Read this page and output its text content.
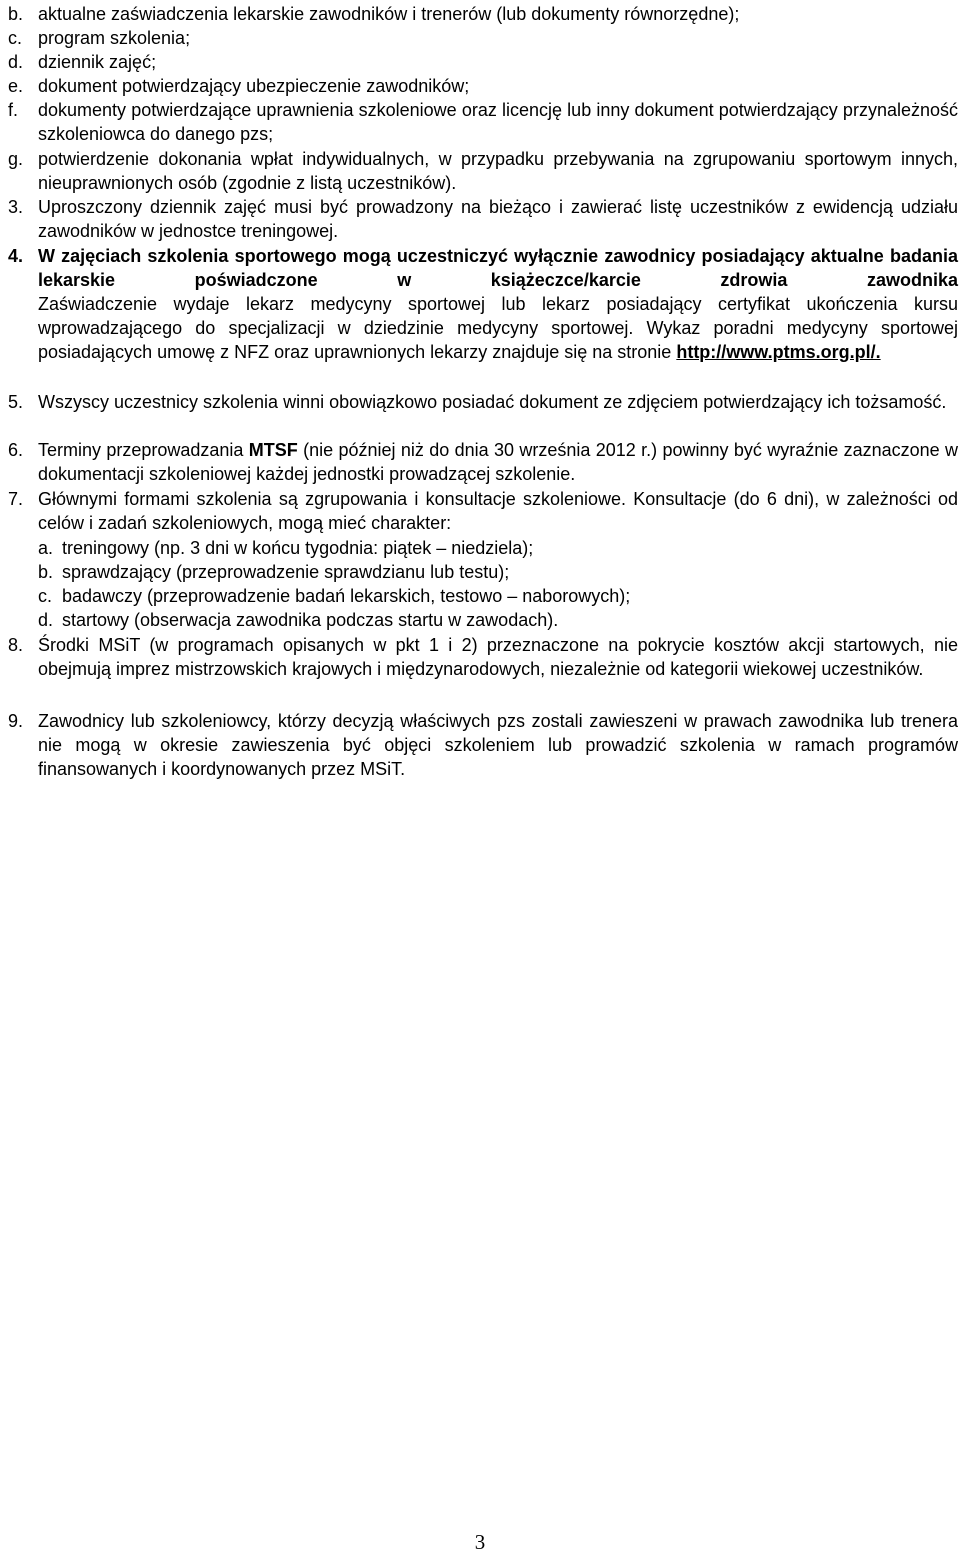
b. aktualne zaświadczenia lekarskie zawodników i trenerów (lub dokumenty równorzędne);
c. program szkolenia;
d. dziennik zajęć;
e. dokument potwierdzający ubezpieczenie zawodników;
f. dokumenty potwierdzające uprawnienia szkoleniowe oraz licencję lub inny dokument potwierdzający przynależność szkoleniowca do danego pzs;
g. potwierdzenie dokonania wpłat indywidualnych, w przypadku przebywania na zgrupowaniu sportowym innych, nieuprawnionych osób (zgodnie z listą uczestników).
3. Uproszczony dziennik zajęć musi być prowadzony na bieżąco i zawierać listę uczestników z ewidencją udziału zawodników w jednostce treningowej.
4. W zajęciach szkolenia sportowego mogą uczestniczyć wyłącznie zawodnicy posiadający aktualne badania lekarskie poświadczone w książeczce/karcie zdrowia zawodnika
Zaświadczenie wydaje lekarz medycyny sportowej lub lekarz posiadający certyfikat ukończenia kursu wprowadzającego do specjalizacji w dziedzinie medycyny sportowej. Wykaz poradni medycyny sportowej posiadających umowę z NFZ oraz uprawnionych lekarzy znajduje się na stronie http://www.ptms.org.pl/.
5. Wszyscy uczestnicy szkolenia winni obowiązkowo posiadać dokument ze zdjęciem potwierdzający ich tożsamość.
6. Terminy przeprowadzania MTSF (nie później niż do dnia 30 września 2012 r.) powinny być wyraźnie zaznaczone w dokumentacji szkoleniowej każdej jednostki prowadzącej szkolenie.
7. Głównymi formami szkolenia są zgrupowania i konsultacje szkoleniowe. Konsultacje (do 6 dni), w zależności od celów i zadań szkoleniowych, mogą mieć charakter:
a. treningowy (np. 3 dni w końcu tygodnia: piątek – niedziela);
b. sprawdzający (przeprowadzenie sprawdzianu lub testu);
c. badawczy (przeprowadzenie badań lekarskich, testowo – naborowych);
d. startowy (obserwacja zawodnika podczas startu w zawodach).
8. Środki MSiT (w programach opisanych w pkt 1 i 2) przeznaczone na pokrycie kosztów akcji startowych, nie obejmują imprez mistrzowskich krajowych i międzynarodowych, niezależnie od kategorii wiekowej uczestników.
9. Zawodnicy lub szkoleniowcy, którzy decyzją właściwych pzs zostali zawieszeni w prawach zawodnika lub trenera nie mogą w okresie zawieszenia być objęci szkoleniem lub prowadzić szkolenia w ramach programów finansowanych i koordynowanych przez MSiT.
3
